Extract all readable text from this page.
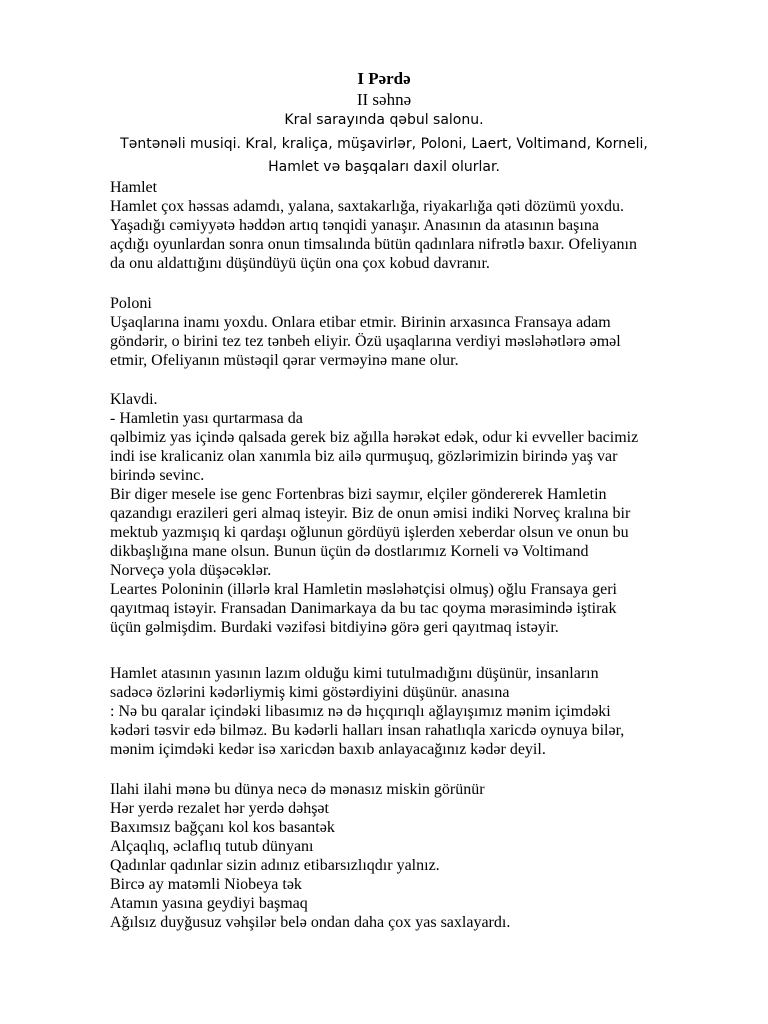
I Pərdə
II səhnə
Kral sarayında qəbul salonu.
Təntənəli musiqi. Kral, kraliça, müşavirlər, Poloni, Laert, Voltimand, Korneli,
Hamlet və başqaları daxil olurlar.
Hamlet
Hamlet çox həssas adamdı, yalana, saxtakarlığa, riyakarlığa qəti dözümü yoxdu.
Yaşadığı cəmiyyətə həddən artıq tənqidi yanaşır. Anasının da atasının başına
açdığı oyunlardan sonra onun timsalında bütün qadınlara nifrətlə baxır. Ofeliyanın
da onu aldattığını düşündüyü üçün ona çox kobud davranır.
Poloni
Uşaqlarına inamı yoxdu. Onlara etibar etmir. Birinin arxasınca Fransaya adam
göndərir, o birini tez tez tənbeh eliyir. Özü uşaqlarına verdiyi məsləhətlərə əməl
etmir, Ofeliyanın müstəqil qərar verməyinə mane olur.
Klavdi.
- Hamletin yası qurtarmasa da
qəlbimiz yas içində qalsada gerek biz ağılla hərəkət edək, odur ki evveller bacimiz
indi ise kralicaniz olan xanımla biz ailə qurmuşuq, gözlərimizin birində yaş var
birində sevinc.
Bir diger mesele ise genc Fortenbras bizi saymır, elçiler göndererek Hamletin
qazandıgı erazileri geri almaq isteyir. Biz de onun əmisi indiki Norveç kralına bir
mektub yazmışıq ki qardaşı oğlunun gördüyü işlerden xeberdar olsun ve onun bu
dikbaşlığına mane olsun. Bunun üçün də dostlarımız Korneli və Voltimand
Norveçə yola düşəcəklər.
Leartes Poloninin (illərlə kral Hamletin məsləhətçisi olmuş) oğlu Fransaya geri
qayıtmaq istəyir. Fransadan Danimarkaya da bu tac qoyma mərasimində iştirak
üçün gəlmişdim. Burdaki vəzifəsi bitdiyinə görə geri qayıtmaq istəyir.
Hamlet atasının yasının lazım olduğu kimi tutulmadığını düşünür, insanların
sadəcə özlərini kədərliymiş kimi göstərdiyini düşünür. anasına
: Nə bu qaralar içindəki libasımız nə də hıçqırıqlı ağlayışımız mənim içimdəki
kədəri təsvir edə bilməz. Bu kədərli halları insan rahatlıqla xaricdə oynuya bilər,
mənim içimdəki kedər isə xaricdən baxıb anlayacağınız kədər deyil.
Ilahi ilahi mənə bu dünya necə də mənasız miskin görünür
Hər yerdə rezalet hər yerdə dəhşət
Baxımsız bağçanı kol kos basantək
Alçaqlıq, əclaflıq tutub dünyanı
Qadınlar qadınlar sizin adınız etibarsızlıqdır yalnız.
Bircə ay matəmli Niobeya tək
Atamın yasına geydiyi başmaq
Ağılsız duyğusuz vəhşilər belə ondan daha çox yas saxlayardı.
